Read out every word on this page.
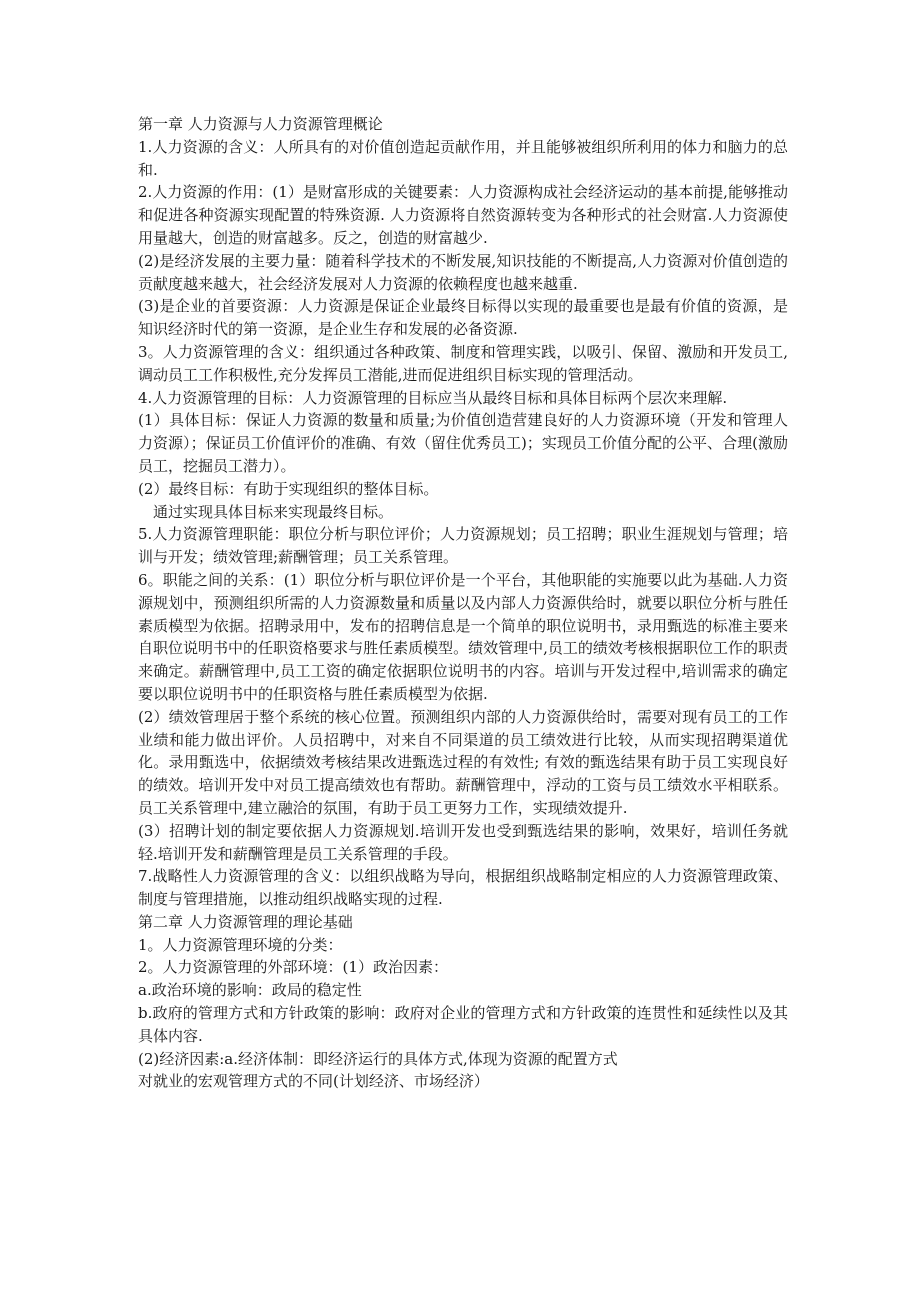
第一章 人力资源与人力资源管理概论

1.人力资源的含义：人所具有的对价值创造起贡献作用，并且能够被组织所利用的体力和脑力的总和.

2.人力资源的作用：(1）是财富形成的关键要素：人力资源构成社会经济运动的基本前提,能够推动和促进各种资源实现配置的特殊资源. 人力资源将自然资源转变为各种形式的社会财富.人力资源使用量越大，创造的财富越多。反之，创造的财富越少.

(2)是经济发展的主要力量：随着科学技术的不断发展,知识技能的不断提高,人力资源对价值创造的贡献度越来越大，社会经济发展对人力资源的依赖程度也越来越重.

(3)是企业的首要资源：人力资源是保证企业最终目标得以实现的最重要也是最有价值的资源，是知识经济时代的第一资源，是企业生存和发展的必备资源.

3。人力资源管理的含义：组织通过各种政策、制度和管理实践，以吸引、保留、激励和开发员工,调动员工工作积极性,充分发挥员工潜能,进而促进组织目标实现的管理活动。

4.人力资源管理的目标：人力资源管理的目标应当从最终目标和具体目标两个层次来理解.

(1）具体目标：保证人力资源的数量和质量;为价值创造营建良好的人力资源环境（开发和管理人力资源）；保证员工价值评价的准确、有效（留住优秀员工)；实现员工价值分配的公平、合理(激励员工，挖掘员工潜力）。

(2）最终目标：有助于实现组织的整体目标。

通过实现具体目标来实现最终目标。

5.人力资源管理职能：职位分析与职位评价；人力资源规划；员工招聘；职业生涯规划与管理；培训与开发；绩效管理;薪酬管理；员工关系管理。

6。职能之间的关系：(1）职位分析与职位评价是一个平台，其他职能的实施要以此为基础.人力资源规划中，预测组织所需的人力资源数量和质量以及内部人力资源供给时，就要以职位分析与胜任素质模型为依据。招聘录用中，发布的招聘信息是一个简单的职位说明书，录用甄选的标准主要来自职位说明书中的任职资格要求与胜任素质模型。绩效管理中,员工的绩效考核根据职位工作的职责来确定。薪酬管理中,员工工资的确定依据职位说明书的内容。培训与开发过程中,培训需求的确定要以职位说明书中的任职资格与胜任素质模型为依据.

(2）绩效管理居于整个系统的核心位置。预测组织内部的人力资源供给时，需要对现有员工的工作业绩和能力做出评价。人员招聘中，对来自不同渠道的员工绩效进行比较，从而实现招聘渠道优化。录用甄选中，依据绩效考核结果改进甄选过程的有效性; 有效的甄选结果有助于员工实现良好的绩效。培训开发中对员工提高绩效也有帮助。薪酬管理中，浮动的工资与员工绩效水平相联系。员工关系管理中,建立融洽的氛围，有助于员工更努力工作，实现绩效提升.

(3）招聘计划的制定要依据人力资源规划.培训开发也受到甄选结果的影响，效果好，培训任务就轻.培训开发和薪酬管理是员工关系管理的手段。

7.战略性人力资源管理的含义：以组织战略为导向，根据组织战略制定相应的人力资源管理政策、制度与管理措施，以推动组织战略实现的过程.

第二章 人力资源管理的理论基础

1。人力资源管理环境的分类：

2。人力资源管理的外部环境：(1）政治因素：

a.政治环境的影响：政局的稳定性

b.政府的管理方式和方针政策的影响：政府对企业的管理方式和方针政策的连贯性和延续性以及其具体内容.

(2)经济因素:a.经济体制：即经济运行的具体方式,体现为资源的配置方式

对就业的宏观管理方式的不同(计划经济、市场经济）
